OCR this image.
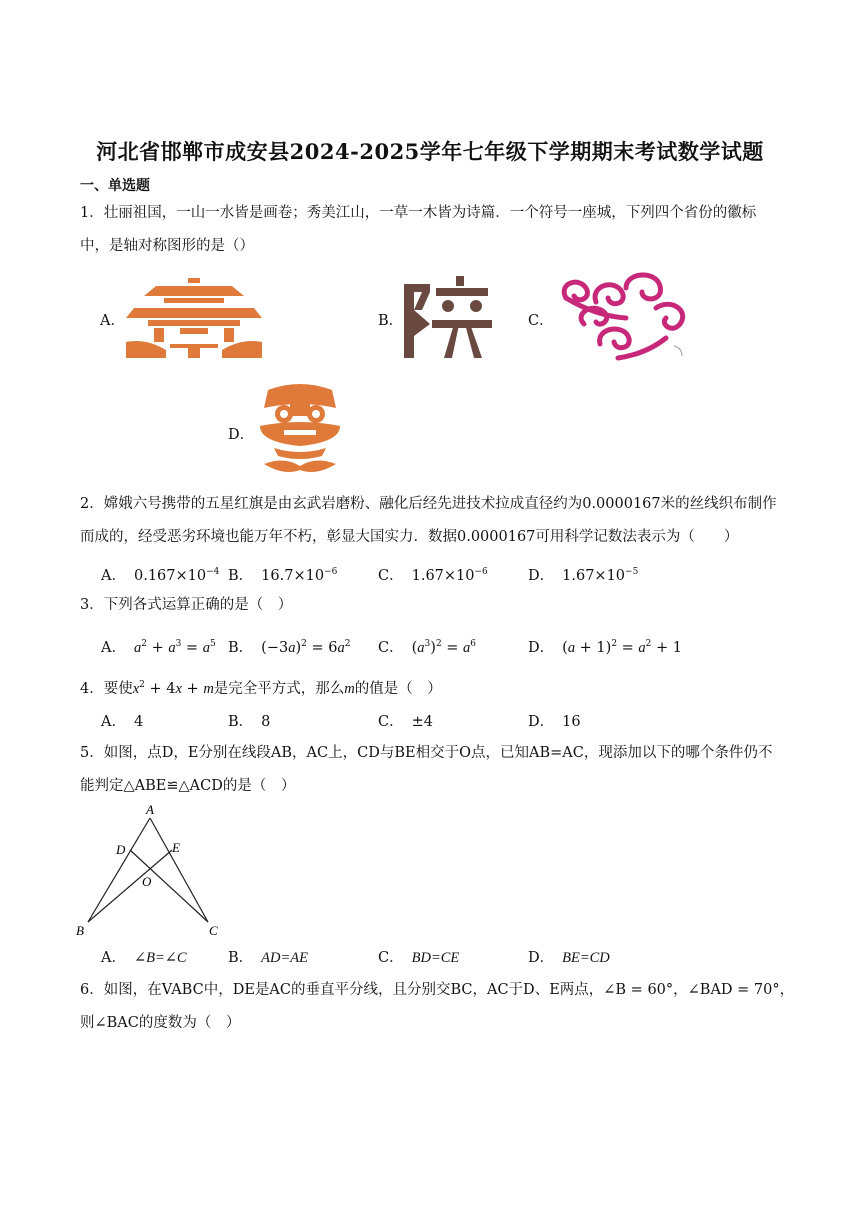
河北省邯郸市成安县2024-2025学年七年级下学期期末考试数学试题
一、单选题
1．壮丽祖国，一山一水皆是画卷；秀美江山，一草一木皆为诗篇．一个符号一座城，下列四个省份的徽标中，是轴对称图形的是（）
A．	B．	C．
D．
2．嫦娥六号携带的五星红旗是由玄武岩磨粉、融化后经先进技术拉成直径约为0.0000167米的丝线织布制作而成的，经受恶劣环境也能万年不朽，彰显大国实力．数据0.0000167可用科学记数法表示为（　　）
A． $0.167\times 10^{-4}$ B． $16.7\times 10^{-6}$	C． $1.67\times 10^{-6}$	D． $1.67\times 10^{-5}$
3．下列各式运算正确的是（　）
A． $a^2 + a^3 = a^5$ B． $(-3a)^2 = 6a^2$ C． $(a^3)^2 = a^6$	D． $(a + 1)^2 = a^2 + 1$
4．要使$x^2 + 4x + m$是完全平方式，那么m的值是（　）
A． 4	B． 8	C． ±4	D． 16
5．如图，点D，E分别在线段AB，AC上，CD与BE相交于O点，已知AB=AC，现添加以下的哪个条件仍不能判定△ABE≌△ACD的是（　）
A
D	E
O
B	C
A． ∠B=∠C	B． AD=AE	C． BD=CE	D． BE=CD
6．如图，在VABC中，DE是AC的垂直平分线，且分别交BC，AC于D、E两点，∠B = 60°，∠BAD = 70°，
则∠BAC的度数为（　）
